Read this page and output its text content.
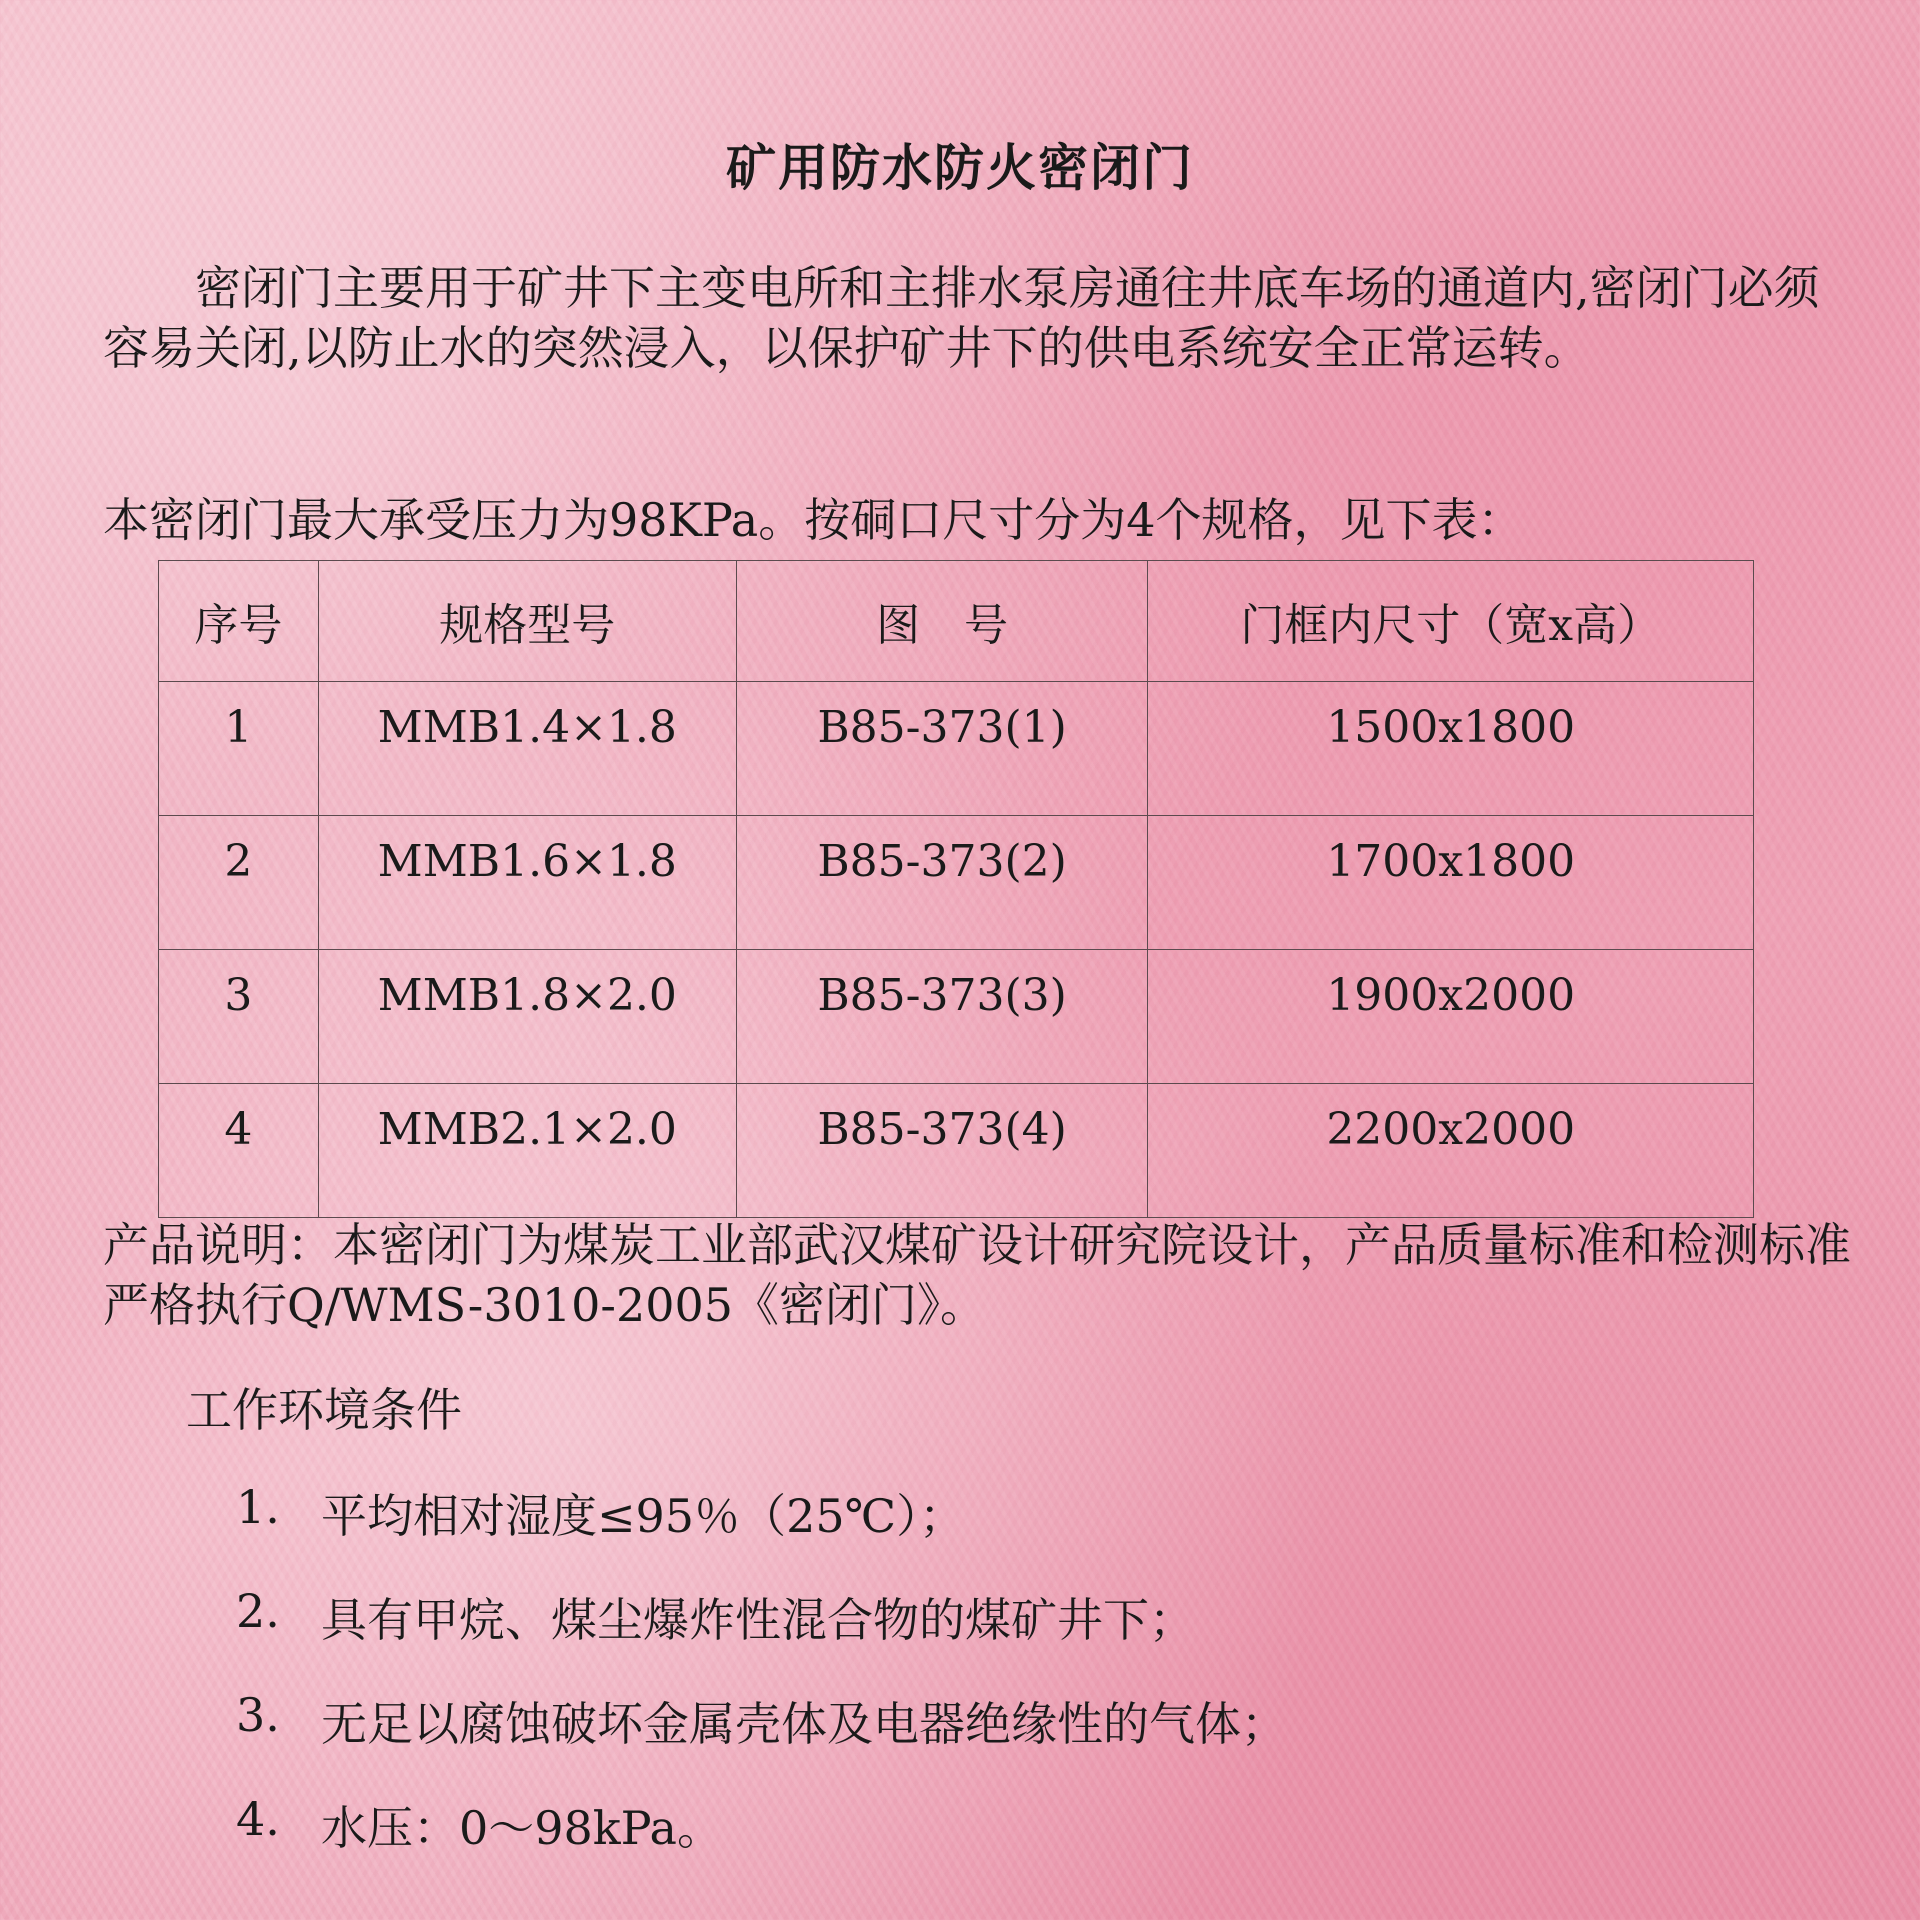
矿用防水防火密闭门
密闭门主要用于矿井下主变电所和主排水泵房通往井底车场的通道内,密闭门必须容易关闭,以防止水的突然浸入，以保护矿井下的供电系统安全正常运转。
本密闭门最大承受压力为98KPa。按硐口尺寸分为4个规格，见下表：
序号	规格型号	图　号	门框内尺寸（宽x高）
1	MMB1.4×1.8	B85-373(1)	1500x1800
2	MMB1.6×1.8	B85-373(2)	1700x1800
3	MMB1.8×2.0	B85-373(3)	1900x2000
4	MMB2.1×2.0	B85-373(4)	2200x2000
产品说明：本密闭门为煤炭工业部武汉煤矿设计研究院设计，产品质量标准和检测标准严格执行Q/WMS-3010-2005《密闭门》。
工作环境条件
1. 平均相对湿度≤95％（25℃）；
2. 具有甲烷、煤尘爆炸性混合物的煤矿井下；
3. 无足以腐蚀破坏金属壳体及电器绝缘性的气体；
4. 水压：0～98kPa。
